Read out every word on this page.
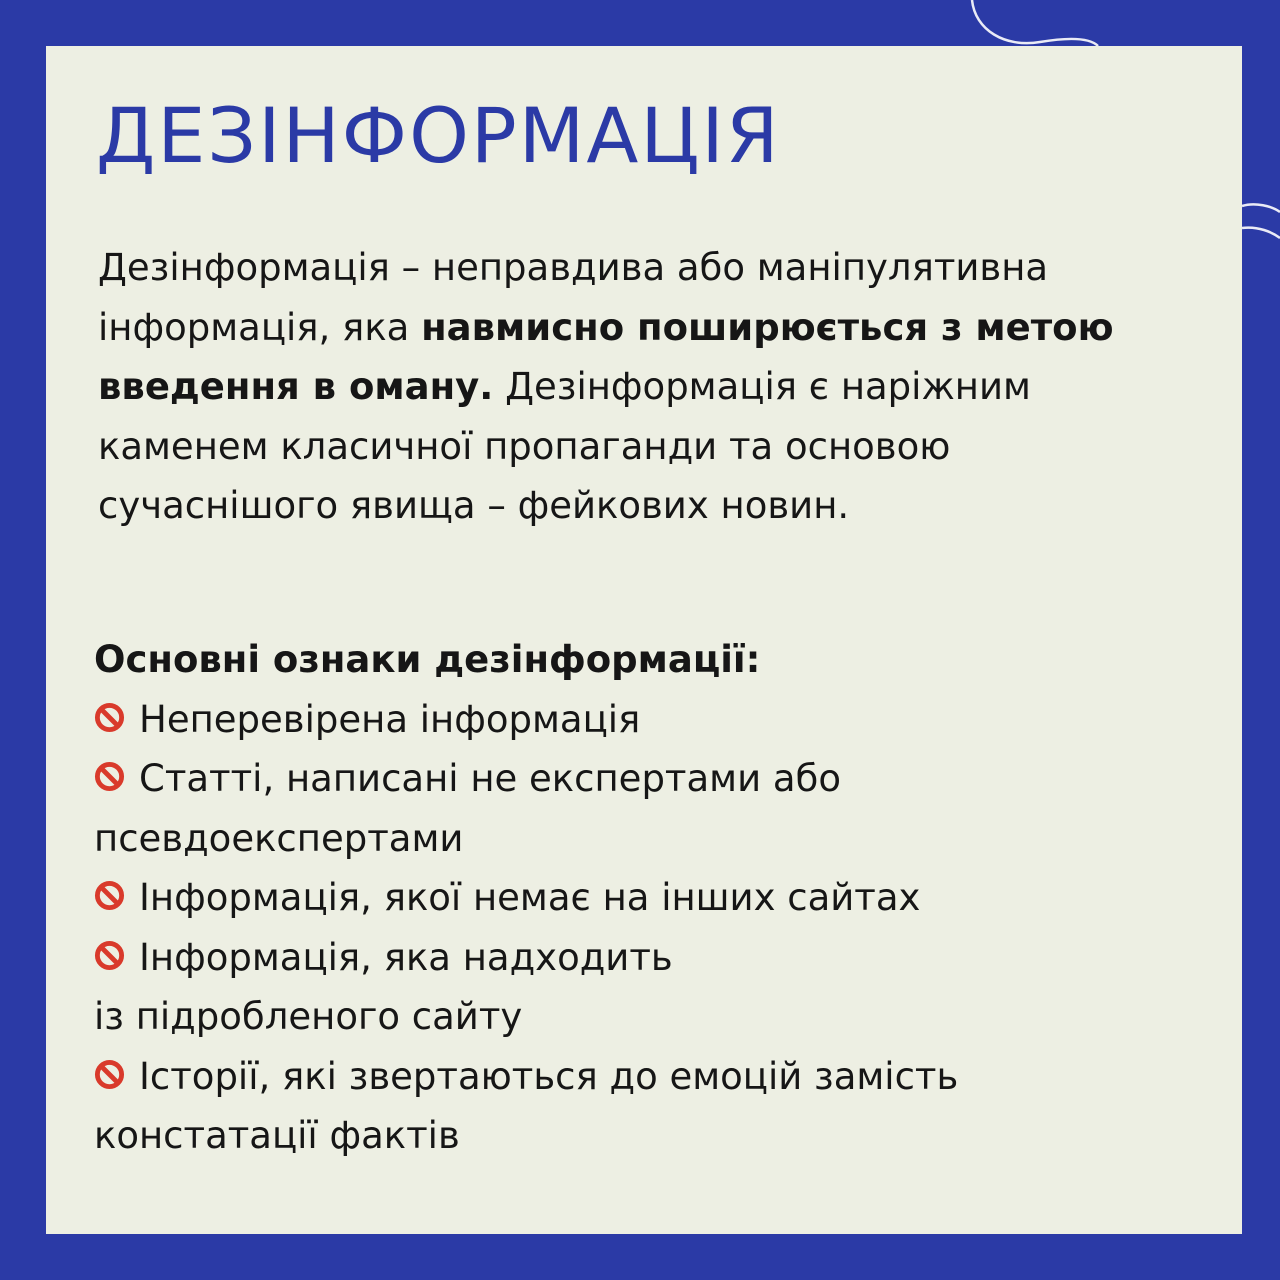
ДЕЗІНФОРМАЦІЯ

Дезінформація – неправдива або маніпулятивна інформація, яка навмисно поширюється з метою введення в оману. Дезінформація є наріжним каменем класичної пропаганди та основою сучаснішого явища – фейкових новин.

Основні ознаки дезінформації:
Неперевірена інформація
Статті, написані не експертами або
псевдоекспертами
Інформація, якої немає на інших сайтах
Інформація, яка надходить
із підробленого сайту
Історії, які звертаються до емоцій замість
констатації фактів
